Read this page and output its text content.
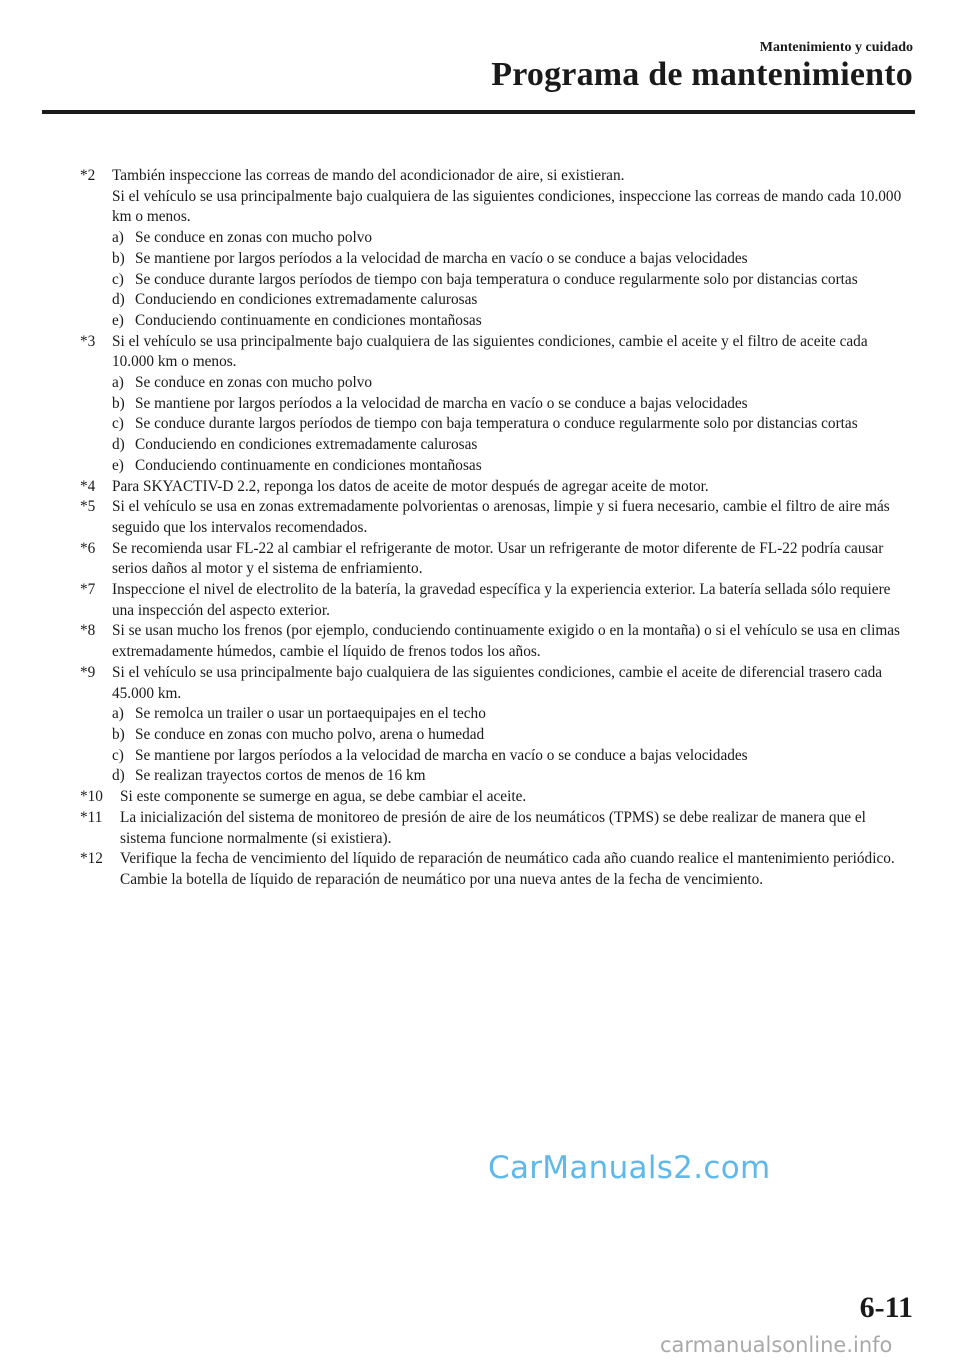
Mantenimiento y cuidado
Programa de mantenimiento
*2 También inspeccione las correas de mando del acondicionador de aire, si existieran.
Si el vehículo se usa principalmente bajo cualquiera de las siguientes condiciones, inspeccione las correas de mando cada 10.000 km o menos.
a) Se conduce en zonas con mucho polvo
b) Se mantiene por largos períodos a la velocidad de marcha en vacío o se conduce a bajas velocidades
c) Se conduce durante largos períodos de tiempo con baja temperatura o conduce regularmente solo por distancias cortas
d) Conduciendo en condiciones extremadamente calurosas
e) Conduciendo continuamente en condiciones montañosas
*3 Si el vehículo se usa principalmente bajo cualquiera de las siguientes condiciones, cambie el aceite y el filtro de aceite cada 10.000 km o menos.
a) Se conduce en zonas con mucho polvo
b) Se mantiene por largos períodos a la velocidad de marcha en vacío o se conduce a bajas velocidades
c) Se conduce durante largos períodos de tiempo con baja temperatura o conduce regularmente solo por distancias cortas
d) Conduciendo en condiciones extremadamente calurosas
e) Conduciendo continuamente en condiciones montañosas
*4 Para SKYACTIV-D 2.2, reponga los datos de aceite de motor después de agregar aceite de motor.
*5 Si el vehículo se usa en zonas extremadamente polvorientas o arenosas, limpie y si fuera necesario, cambie el filtro de aire más seguido que los intervalos recomendados.
*6 Se recomienda usar FL-22 al cambiar el refrigerante de motor. Usar un refrigerante de motor diferente de FL-22 podría causar serios daños al motor y el sistema de enfriamiento.
*7 Inspeccione el nivel de electrolito de la batería, la gravedad específica y la experiencia exterior. La batería sellada sólo requiere una inspección del aspecto exterior.
*8 Si se usan mucho los frenos (por ejemplo, conduciendo continuamente exigido o en la montaña) o si el vehículo se usa en climas extremadamente húmedos, cambie el líquido de frenos todos los años.
*9 Si el vehículo se usa principalmente bajo cualquiera de las siguientes condiciones, cambie el aceite de diferencial trasero cada 45.000 km.
a) Se remolca un trailer o usar un portaequipajes en el techo
b) Se conduce en zonas con mucho polvo, arena o humedad
c) Se mantiene por largos períodos a la velocidad de marcha en vacío o se conduce a bajas velocidades
d) Se realizan trayectos cortos de menos de 16 km
*10 Si este componente se sumerge en agua, se debe cambiar el aceite.
*11 La inicialización del sistema de monitoreo de presión de aire de los neumáticos (TPMS) se debe realizar de manera que el sistema funcione normalmente (si existiera).
*12 Verifique la fecha de vencimiento del líquido de reparación de neumático cada año cuando realice el mantenimiento periódico. Cambie la botella de líquido de reparación de neumático por una nueva antes de la fecha de vencimiento.
CarManuals2.com
6-11
carmanualsonline.info
